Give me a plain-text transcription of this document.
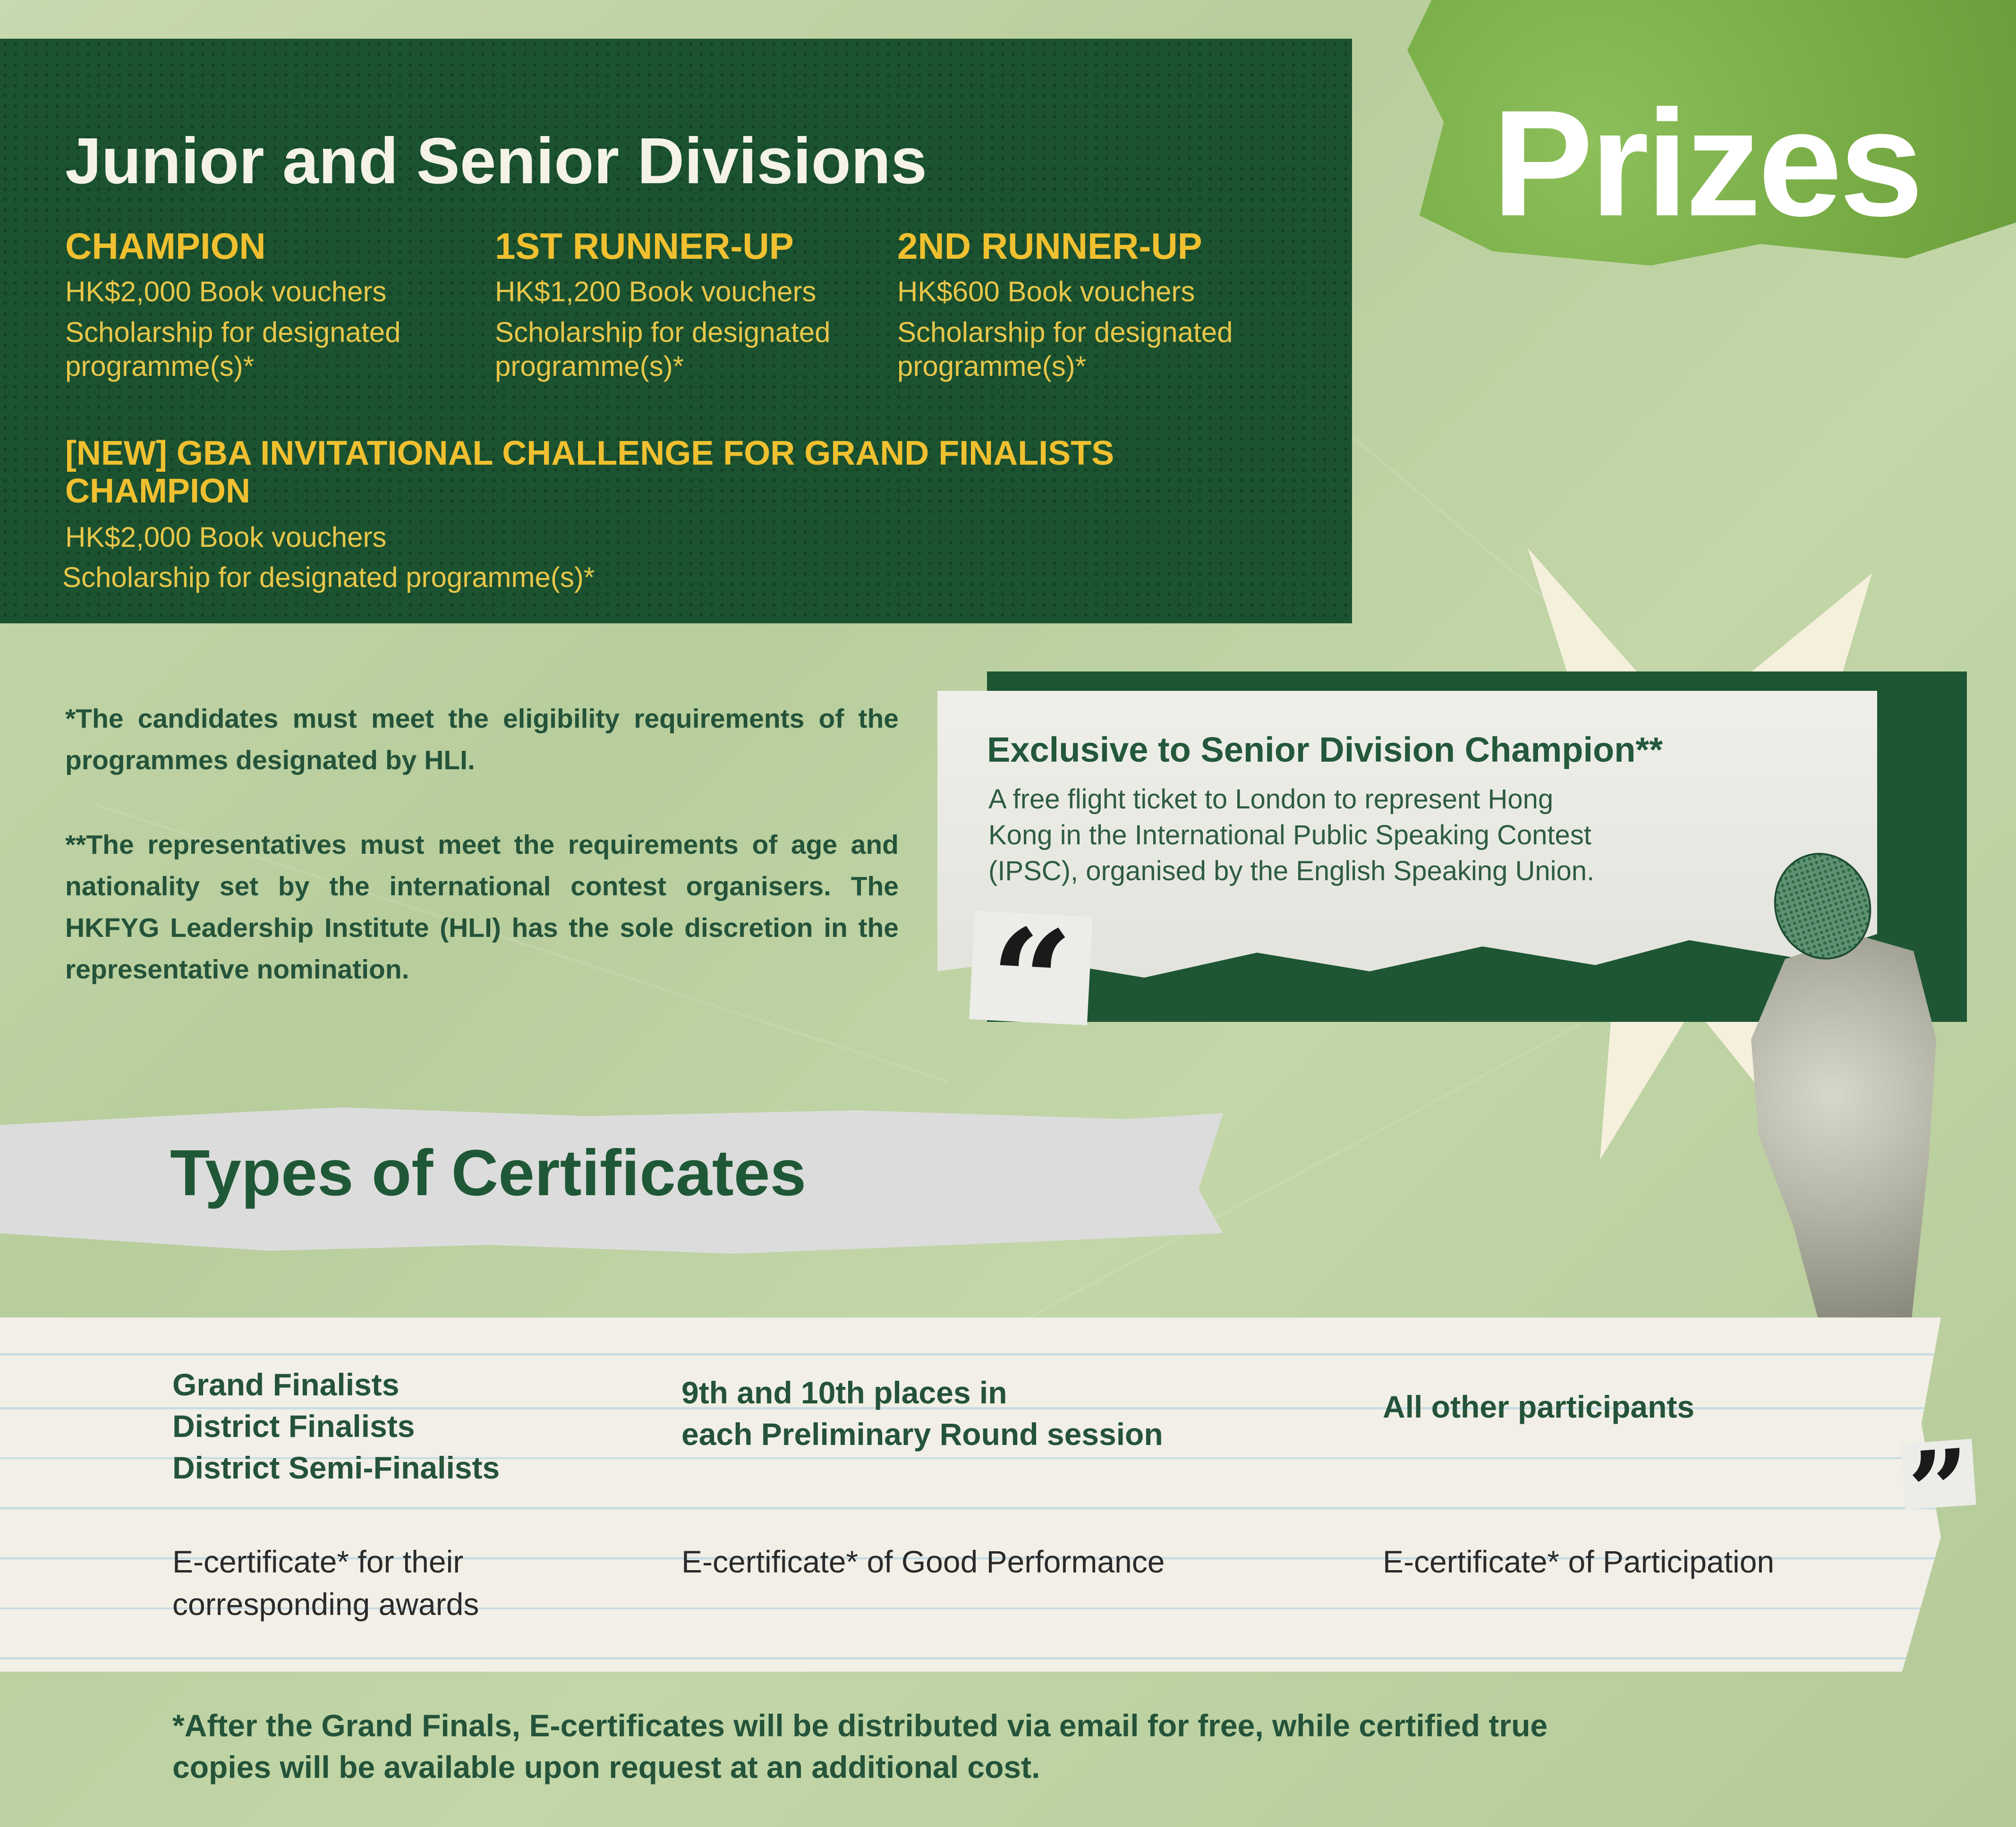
Prizes
Junior and Senior Divisions
CHAMPION
HK$2,000 Book vouchers
Scholarship for designated
programme(s)*
1ST RUNNER-UP
HK$1,200 Book vouchers
Scholarship for designated
programme(s)*
2ND RUNNER-UP
HK$600 Book vouchers
Scholarship for designated
programme(s)*
[NEW] GBA INVITATIONAL CHALLENGE FOR GRAND FINALISTS
CHAMPION
HK$2,000 Book vouchers
Scholarship for designated programme(s)*
*The candidates must meet the eligibility requirements of the programmes designated by HLI.
**The representatives must meet the requirements of age and nationality set by the international contest organisers. The HKFYG Leadership Institute (HLI) has the sole discretion in the representative nomination.
Exclusive to Senior Division Champion**
A free flight ticket to London to represent Hong
Kong in the International Public Speaking Contest
(IPSC), organised by the English Speaking Union.
“
Types of Certificates
Grand Finalists
District Finalists
District Semi-Finalists
E-certificate* for their
corresponding awards
9th and 10th places in
each Preliminary Round session
E-certificate* of Good Performance
All other participants
E-certificate* of Participation
”
*After the Grand Finals, E-certificates will be distributed via email for free, while certified true
copies will be available upon request at an additional cost.
